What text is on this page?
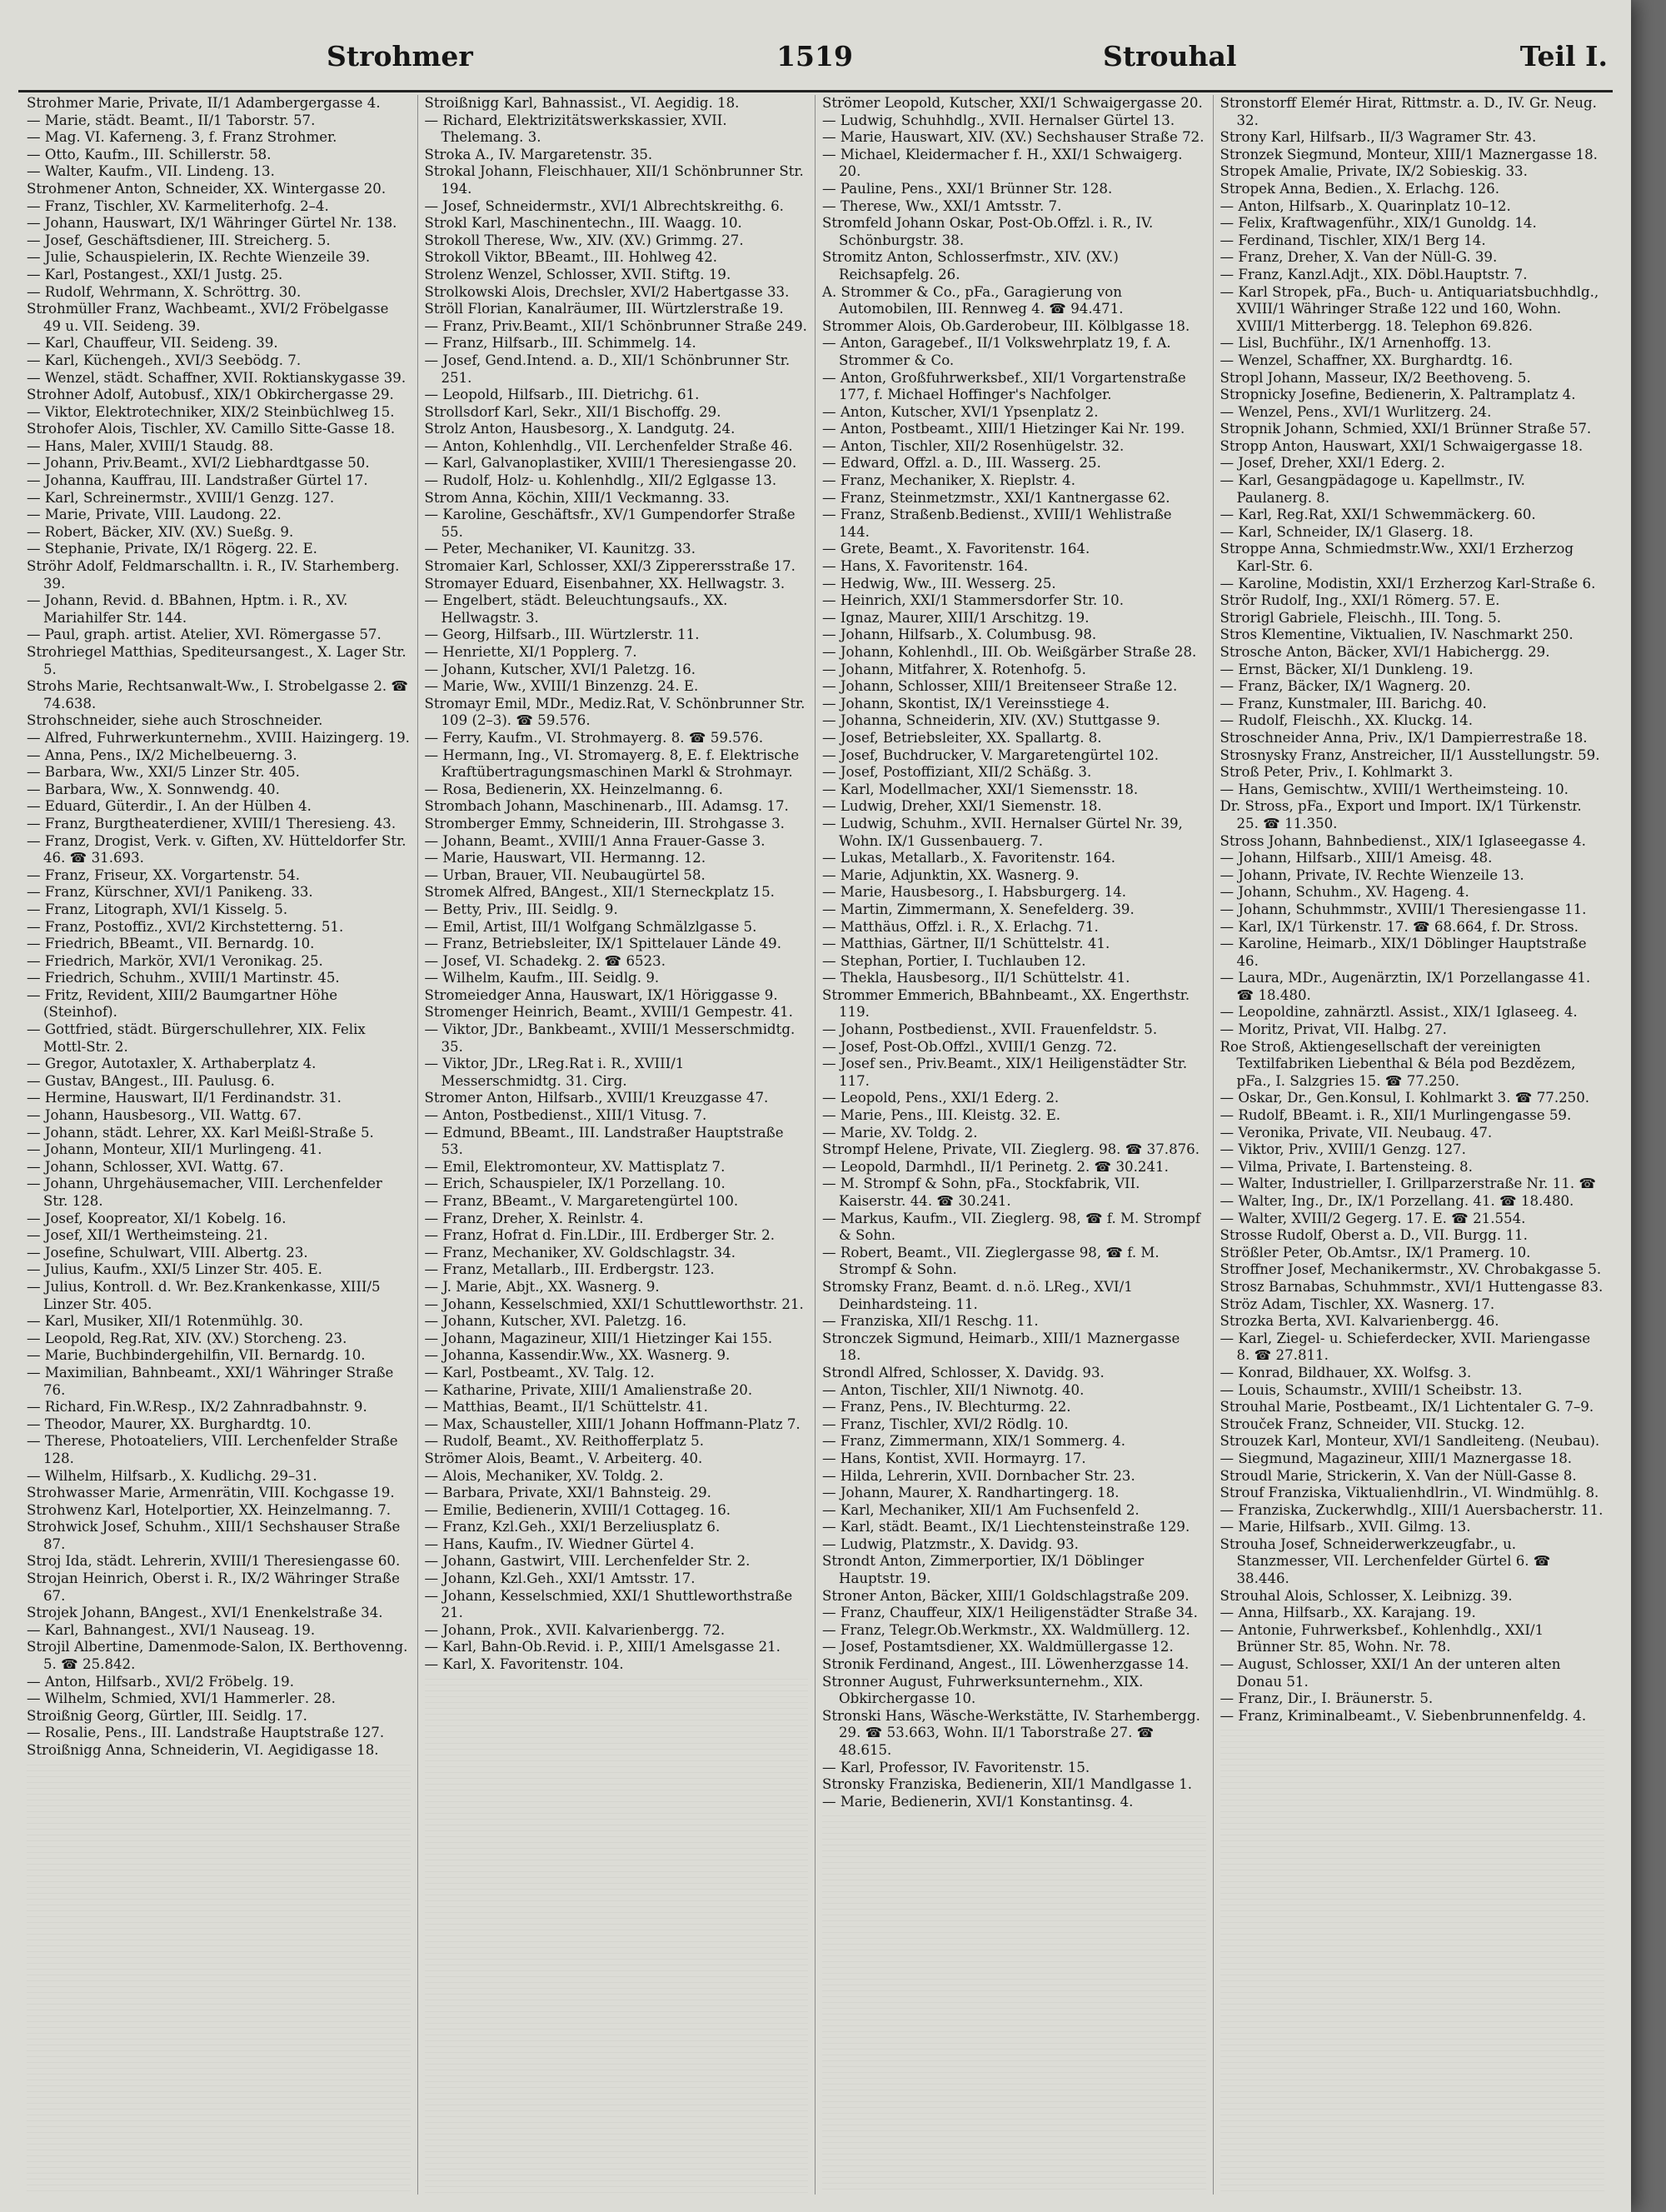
Strohmer	1519	Strouhal	Teil I.

Strohmer Marie, Private, II/1 Adambergergasse 4.

— Marie, städt. Beamt., II/1 Taborstr. 57.

— Mag. VI. Kaferneng. 3, f. Franz Strohmer.

— Otto, Kaufm., III. Schillerstr. 58.

— Walter, Kaufm., VII. Lindeng. 13.

Strohmener Anton, Schneider, XX. Wintergasse 20.

— Franz, Tischler, XV. Karmeliterhofg. 2–4.

— Johann, Hauswart, IX/1 Währinger Gürtel Nr. 138.

— Josef, Geschäftsdiener, III. Streicherg. 5.

— Julie, Schauspielerin, IX. Rechte Wienzeile 39.

— Karl, Postangest., XXI/1 Justg. 25.

— Rudolf, Wehrmann, X. Schröttrg. 30.

Strohmüller Franz, Wachbeamt., XVI/2 Fröbelgasse 49 u. VII. Seideng. 39.

— Karl, Chauffeur, VII. Seideng. 39.

— Karl, Küchengeh., XVI/3 Seebödg. 7.

— Wenzel, städt. Schaffner, XVII. Roktianskygasse 39.

Strohner Adolf, Autobusf., XIX/1 Obkirchergasse 29.

— Viktor, Elektrotechniker, XIX/2 Steinbüchlweg 15.

Strohofer Alois, Tischler, XV. Camillo Sitte-Gasse 18.

— Hans, Maler, XVIII/1 Staudg. 88.

— Johann, Priv.Beamt., XVI/2 Liebhardtgasse 50.

— Johanna, Kauffrau, III. Landstraßer Gürtel 17.

— Karl, Schreinermstr., XVIII/1 Genzg. 127.

— Marie, Private, VIII. Laudong. 22.

— Robert, Bäcker, XIV. (XV.) Sueßg. 9.

— Stephanie, Private, IX/1 Rögerg. 22. E.

Ströhr Adolf, Feldmarschalltn. i. R., IV. Starhemberg. 39.

— Johann, Revid. d. BBahnen, Hptm. i. R., XV. Mariahilfer Str. 144.

— Paul, graph. artist. Atelier, XVI. Römergasse 57.

Strohriegel Matthias, Spediteursangest., X. Lager Str. 5.

Strohs Marie, Rechtsanwalt-Ww., I. Strobelgasse 2. ☎ 74.638.

Strohschneider, siehe auch Stroschneider.

— Alfred, Fuhrwerkunternehm., XVIII. Haizingerg. 19.

— Anna, Pens., IX/2 Michelbeuerng. 3.

— Barbara, Ww., XXI/5 Linzer Str. 405.

— Barbara, Ww., X. Sonnwendg. 40.

— Eduard, Güterdir., I. An der Hülben 4.

— Franz, Burgtheaterdiener, XVIII/1 Theresieng. 43.

— Franz, Drogist, Verk. v. Giften, XV. Hütteldorfer Str. 46. ☎ 31.693.

— Franz, Friseur, XX. Vorgartenstr. 54.

— Franz, Kürschner, XVI/1 Panikeng. 33.

— Franz, Litograph, XVI/1 Kisselg. 5.

— Franz, Postoffiz., XVI/2 Kirchstetterng. 51.

— Friedrich, BBeamt., VII. Bernardg. 10.

— Friedrich, Markör, XVI/1 Veronikag. 25.

— Friedrich, Schuhm., XVIII/1 Martinstr. 45.

— Fritz, Revident, XIII/2 Baumgartner Höhe (Steinhof).

— Gottfried, städt. Bürgerschullehrer, XIX. Felix Mottl-Str. 2.

— Gregor, Autotaxler, X. Arthaberplatz 4.

— Gustav, BAngest., III. Paulusg. 6.

— Hermine, Hauswart, II/1 Ferdinandstr. 31.

— Johann, Hausbesorg., VII. Wattg. 67.

— Johann, städt. Lehrer, XX. Karl Meißl-Straße 5.

— Johann, Monteur, XII/1 Murlingeng. 41.

— Johann, Schlosser, XVI. Wattg. 67.

— Johann, Uhrgehäusemacher, VIII. Lerchenfelder Str. 128.

— Josef, Koopreator, XI/1 Kobelg. 16.

— Josef, XII/1 Wertheimsteing. 21.

— Josefine, Schulwart, VIII. Albertg. 23.

— Julius, Kaufm., XXI/5 Linzer Str. 405. E.

— Julius, Kontroll. d. Wr. Bez.Krankenkasse, XIII/5 Linzer Str. 405.

— Karl, Musiker, XII/1 Rotenmühlg. 30.

— Leopold, Reg.Rat, XIV. (XV.) Storcheng. 23.

— Marie, Buchbindergehilfin, VII. Bernardg. 10.

— Maximilian, Bahnbeamt., XXI/1 Währinger Straße 76.

— Richard, Fin.W.Resp., IX/2 Zahnradbahnstr. 9.

— Theodor, Maurer, XX. Burghardtg. 10.

— Therese, Photoateliers, VIII. Lerchenfelder Straße 128.

— Wilhelm, Hilfsarb., X. Kudlichg. 29–31.

Strohwasser Marie, Armenrätin, VIII. Kochgasse 19.

Strohwenz Karl, Hotelportier, XX. Heinzelmanng. 7.

Strohwick Josef, Schuhm., XIII/1 Sechshauser Straße 87.

Stroj Ida, städt. Lehrerin, XVIII/1 Theresiengasse 60.

Strojan Heinrich, Oberst i. R., IX/2 Währinger Straße 67.

Strojek Johann, BAngest., XVI/1 Enenkelstraße 34.

— Karl, Bahnangest., XVI/1 Nauseag. 19.

Strojil Albertine, Damenmode-Salon, IX. Berthovenng. 5. ☎ 25.842.

— Anton, Hilfsarb., XVI/2 Fröbelg. 19.

— Wilhelm, Schmied, XVI/1 Hammerlег. 28.

Stroißnig Georg, Gürtler, III. Seidlg. 17.

— Rosalie, Pens., III. Landstraße Hauptstraße 127.

Stroißnigg Anna, Schneiderin, VI. Aegidigasse 18.

Stroißnigg Karl, Bahnassist., VI. Aegidig. 18.

— Richard, Elektrizitätswerkskassier, XVII. Thelemang. 3.

Stroka A., IV. Margaretenstr. 35.

Strokal Johann, Fleischhauer, XII/1 Schönbrunner Str. 194.

— Josef, Schneidermstr., XVI/1 Albrechtskreithg. 6.

Strokl Karl, Maschinentechn., III. Waagg. 10.

Strokoll Therese, Ww., XIV. (XV.) Grimmg. 27.

Strokoll Viktor, BBeamt., III. Hohlweg 42.

Strolenz Wenzel, Schlosser, XVII. Stiftg. 19.

Strolkowski Alois, Drechsler, XVI/2 Habertgasse 33.

Ströll Florian, Kanalräumer, III. Würtzlerstraße 19.

— Franz, Priv.Beamt., XII/1 Schönbrunner Straße 249.

— Franz, Hilfsarb., III. Schimmelg. 14.

— Josef, Gend.Intend. a. D., XII/1 Schönbrunner Str. 251.

— Leopold, Hilfsarb., III. Dietrichg. 61.

Strollsdorf Karl, Sekr., XII/1 Bischoffg. 29.

Strolz Anton, Hausbesorg., X. Landgutg. 24.

— Anton, Kohlenhdlg., VII. Lerchenfelder Straße 46.

— Karl, Galvanoplastiker, XVIII/1 Theresiengasse 20.

— Rudolf, Holz- u. Kohlenhdlg., XII/2 Eglgasse 13.

Strom Anna, Köchin, XIII/1 Veckmanng. 33.

— Karoline, Geschäftsfr., XV/1 Gumpendorfer Straße 55.

— Peter, Mechaniker, VI. Kaunitzg. 33.

Stromaier Karl, Schlosser, XXI/3 Zipperersstraße 17.

Stromayer Eduard, Eisenbahner, XX. Hellwagstr. 3.

— Engelbert, städt. Beleuchtungsaufs., XX. Hellwagstr. 3.

— Georg, Hilfsarb., III. Würtzlerstr. 11.

— Henriette, XI/1 Popplerg. 7.

— Johann, Kutscher, XVI/1 Paletzg. 16.

— Marie, Ww., XVIII/1 Binzenzg. 24. E.

Stromayr Emil, MDr., Mediz.Rat, V. Schönbrunner Str. 109 (2–3). ☎ 59.576.

— Ferry, Kaufm., VI. Strohmayerg. 8. ☎ 59.576.

— Hermann, Ing., VI. Stromayerg. 8, E. f. Elektrische Kraftübertragungsmaschinen Markl & Strohmayr.

— Rosa, Bedienerin, XX. Heinzelmanng. 6.

Strombach Johann, Maschinenarb., III. Adamsg. 17.

Stromberger Emmy, Schneiderin, III. Strohgasse 3.

— Johann, Beamt., XVIII/1 Anna Frauer-Gasse 3.

— Marie, Hauswart, VII. Hermanng. 12.

— Urban, Brauer, VII. Neubaugürtel 58.

Stromek Alfred, BAngest., XII/1 Sterneckplatz 15.

— Betty, Priv., III. Seidlg. 9.

— Emil, Artist, III/1 Wolfgang Schmälzlgasse 5.

— Franz, Betriebsleiter, IX/1 Spittelauer Lände 49.

— Josef, VI. Schadekg. 2. ☎ 6523.

— Wilhelm, Kaufm., III. Seidlg. 9.

Stromeiedger Anna, Hauswart, IX/1 Höriggasse 9.

Stromenger Heinrich, Beamt., XVIII/1 Gempestr. 41.

— Viktor, JDr., Bankbeamt., XVIII/1 Messerschmidtg. 35.

— Viktor, JDr., LReg.Rat i. R., XVIII/1 Messerschmidtg. 31. Cirg.

Stromer Anton, Hilfsarb., XVIII/1 Kreuzgasse 47.

— Anton, Postbedienst., XIII/1 Vitusg. 7.

— Edmund, BBeamt., III. Landstraßer Hauptstraße 53.

— Emil, Elektromonteur, XV. Mattisplatz 7.

— Erich, Schauspieler, IX/1 Porzellang. 10.

— Franz, BBeamt., V. Margaretengürtel 100.

— Franz, Dreher, X. Reinlstr. 4.

— Franz, Hofrat d. Fin.LDir., III. Erdberger Str. 2.

— Franz, Mechaniker, XV. Goldschlagstr. 34.

— Franz, Metallarb., III. Erdbergstr. 123.

— J. Marie, Abjt., XX. Wasnerg. 9.

— Johann, Kesselschmied, XXI/1 Schuttleworthstr. 21.

— Johann, Kutscher, XVI. Paletzg. 16.

— Johann, Magazineur, XIII/1 Hietzinger Kai 155.

— Johanna, Kassendir.Ww., XX. Wasnerg. 9.

— Karl, Postbeamt., XV. Talg. 12.

— Katharine, Private, XIII/1 Amalienstraße 20.

— Matthias, Beamt., II/1 Schüttelstr. 41.

— Max, Schausteller, XIII/1 Johann Hoffmann-Platz 7.

— Rudolf, Beamt., XV. Reithofferplatz 5.

Strömer Alois, Beamt., V. Arbeiterg. 40.

— Alois, Mechaniker, XV. Toldg. 2.

— Barbara, Private, XXI/1 Bahnsteig. 29.

— Emilie, Bedienerin, XVIII/1 Cottageg. 16.

— Franz, Kzl.Geh., XXI/1 Berzeliusplatz 6.

— Hans, Kaufm., IV. Wiedner Gürtel 4.

— Johann, Gastwirt, VIII. Lerchenfelder Str. 2.

— Johann, Kzl.Geh., XXI/1 Amtsstr. 17.

— Johann, Kesselschmied, XXI/1 Shuttleworthstraße 21.

— Johann, Prok., XVII. Kalvarienbergg. 72.

— Karl, Bahn-Ob.Revid. i. P., XIII/1 Amelsgasse 21.

— Karl, X. Favoritenstr. 104.

Strömer Leopold, Kutscher, XXI/1 Schwaigergasse 20.

— Ludwig, Schuhhdlg., XVII. Hernalser Gürtel 13.

— Marie, Hauswart, XIV. (XV.) Sechshauser Straße 72.

— Michael, Kleidermacher f. H., XXI/1 Schwaigerg. 20.

— Pauline, Pens., XXI/1 Brünner Str. 128.

— Therese, Ww., XXI/1 Amtsstr. 7.

Stromfeld Johann Oskar, Post-Ob.Offzl. i. R., IV. Schönburgstr. 38.

Stromitz Anton, Schlosserfmstr., XIV. (XV.) Reichsapfelg. 26.

A. Strommer & Co., pFa., Garagierung von Automobilen, III. Rennweg 4. ☎ 94.471.

Strommer Alois, Ob.Garderobeur, III. Kölblgasse 18.

— Anton, Garagebef., II/1 Volkswehrplatz 19, f. A. Strommer & Co.

— Anton, Großfuhrwerksbef., XII/1 Vorgartenstraße 177, f. Michael Hoffinger's Nachfolger.

— Anton, Kutscher, XVI/1 Ypsenplatz 2.

— Anton, Postbeamt., XIII/1 Hietzinger Kai Nr. 199.

— Anton, Tischler, XII/2 Rosenhügelstr. 32.

— Edward, Offzl. a. D., III. Wasserg. 25.

— Franz, Mechaniker, X. Rieplstr. 4.

— Franz, Steinmetzmstr., XXI/1 Kantnergasse 62.

— Franz, Straßenb.Bedienst., XVIII/1 Wehlistraße 144.

— Grete, Beamt., X. Favoritenstr. 164.

— Hans, X. Favoritenstr. 164.

— Hedwig, Ww., III. Wesserg. 25.

— Heinrich, XXI/1 Stammersdorfer Str. 10.

— Ignaz, Maurer, XIII/1 Arschitzg. 19.

— Johann, Hilfsarb., X. Columbusg. 98.

— Johann, Kohlenhdl., III. Ob. Weißgärber Straße 28.

— Johann, Mitfahrer, X. Rotenhofg. 5.

— Johann, Schlosser, XIII/1 Breitenseer Straße 12.

— Johann, Skontist, IX/1 Vereinsstiege 4.

— Johanna, Schneiderin, XIV. (XV.) Stuttgasse 9.

— Josef, Betriebsleiter, XX. Spallartg. 8.

— Josef, Buchdrucker, V. Margaretengürtel 102.

— Josef, Postoffiziant, XII/2 Schäßg. 3.

— Karl, Modellmacher, XXI/1 Siemensstr. 18.

— Ludwig, Dreher, XXI/1 Siemenstr. 18.

— Ludwig, Schuhm., XVII. Hernalser Gürtel Nr. 39, Wohn. IX/1 Gussenbauerg. 7.

— Lukas, Metallarb., X. Favoritenstr. 164.

— Marie, Adjunktin, XX. Wasnerg. 9.

— Marie, Hausbesorg., I. Habsburgerg. 14.

— Martin, Zimmermann, X. Senefelderg. 39.

— Matthäus, Offzl. i. R., X. Erlachg. 71.

— Matthias, Gärtner, II/1 Schüttelstr. 41.

— Stephan, Portier, I. Tuchlauben 12.

— Thekla, Hausbesorg., II/1 Schüttelstr. 41.

Strommer Emmerich, BBahnbeamt., XX. Engerthstr. 119.

— Johann, Postbedienst., XVII. Frauenfeldstr. 5.

— Josef, Post-Ob.Offzl., XVIII/1 Genzg. 72.

— Josef sen., Priv.Beamt., XIX/1 Heiligenstädter Str. 117.

— Leopold, Pens., XXI/1 Ederg. 2.

— Marie, Pens., III. Kleistg. 32. E.

— Marie, XV. Toldg. 2.

Strompf Helene, Private, VII. Zieglerg. 98. ☎ 37.876.

— Leopold, Darmhdl., II/1 Perinetg. 2. ☎ 30.241.

— M. Strompf & Sohn, pFa., Stockfabrik, VII. Kaiserstr. 44. ☎ 30.241.

— Markus, Kaufm., VII. Zieglerg. 98, ☎ f. M. Strompf & Sohn.

— Robert, Beamt., VII. Zieglergasse 98, ☎ f. M. Strompf & Sohn.

Stromsky Franz, Beamt. d. n.ö. LReg., XVI/1 Deinhardsteing. 11.

— Franziska, XII/1 Reschg. 11.

Stronczek Sigmund, Heimarb., XIII/1 Maznergasse 18.

Strondl Alfred, Schlosser, X. Davidg. 93.

— Anton, Tischler, XII/1 Niwnotg. 40.

— Franz, Pens., IV. Blechturmg. 22.

— Franz, Tischler, XVI/2 Rödlg. 10.

— Franz, Zimmermann, XIX/1 Sommerg. 4.

— Hans, Kontist, XVII. Hormayrg. 17.

— Hilda, Lehrerin, XVII. Dornbacher Str. 23.

— Johann, Maurer, X. Randhartingerg. 18.

— Karl, Mechaniker, XII/1 Am Fuchsenfeld 2.

— Karl, städt. Beamt., IX/1 Liechtensteinstraße 129.

— Ludwig, Platzmstr., X. Davidg. 93.

Strondt Anton, Zimmerportier, IX/1 Döblinger Hauptstr. 19.

Stroner Anton, Bäcker, XIII/1 Goldschlagstraße 209.

— Franz, Chauffeur, XIX/1 Heiligenstädter Straße 34.

— Franz, Telegr.Ob.Werkmstr., XX. Waldmüllerg. 12.

— Josef, Postamtsdiener, XX. Waldmüllergasse 12.

Stronik Ferdinand, Angest., III. Löwenherzgasse 14.

Stronner August, Fuhrwerksunternehm., XIX. Obkirchergasse 10.

Stronski Hans, Wäsche-Werkstätte, IV. Starhembergg. 29. ☎ 53.663, Wohn. II/1 Taborstraße 27. ☎ 48.615.

— Karl, Professor, IV. Favoritenstr. 15.

Stronsky Franziska, Bedienerin, XII/1 Mandlgasse 1.

— Marie, Bedienerin, XVI/1 Konstantinsg. 4.

Stronstorff Elemér Hirat, Rittmstr. a. D., IV. Gr. Neug. 32.

Strony Karl, Hilfsarb., II/3 Wagramer Str. 43.

Stronzek Siegmund, Monteur, XIII/1 Maznergasse 18.

Stropek Amalie, Private, IX/2 Sobieskig. 33.

Stropek Anna, Bedien., X. Erlachg. 126.

— Anton, Hilfsarb., X. Quarinplatz 10–12.

— Felix, Kraftwagenführ., XIX/1 Gunoldg. 14.

— Ferdinand, Tischler, XIX/1 Berg 14.

— Franz, Dreher, X. Van der Nüll-G. 39.

— Franz, Kanzl.Adjt., XIX. Döbl.Hauptstr. 7.

— Karl Stropek, pFa., Buch- u. Antiquariatsbuchhdlg., XVIII/1 Währinger Straße 122 und 160, Wohn. XVIII/1 Mitterbergg. 18. Telephon 69.826.

— Lisl, Buchführ., IX/1 Arnenhoffg. 13.

— Wenzel, Schaffner, XX. Burghardtg. 16.

Stropl Johann, Masseur, IX/2 Beethoveng. 5.

Stropnicky Josefine, Bedienerin, X. Paltramplatz 4.

— Wenzel, Pens., XVI/1 Wurlitzerg. 24.

Stropnik Johann, Schmied, XXI/1 Brünner Straße 57.

Stropp Anton, Hauswart, XXI/1 Schwaigergasse 18.

— Josef, Dreher, XXI/1 Ederg. 2.

— Karl, Gesangpädagoge u. Kapellmstr., IV. Paulanerg. 8.

— Karl, Reg.Rat, XXI/1 Schwemmäckerg. 60.

— Karl, Schneider, IX/1 Glaserg. 18.

Stroppe Anna, Schmiedmstr.Ww., XXI/1 Erzherzog Karl-Str. 6.

— Karoline, Modistin, XXI/1 Erzherzog Karl-Straße 6.

Strör Rudolf, Ing., XXI/1 Römerg. 57. E.

Strorigl Gabriele, Fleischh., III. Tong. 5.

Stros Klementine, Viktualien, IV. Naschmarkt 250.

Strosche Anton, Bäcker, XVI/1 Habichergg. 29.

— Ernst, Bäcker, XI/1 Dunkleng. 19.

— Franz, Bäcker, IX/1 Wagnerg. 20.

— Franz, Kunstmaler, III. Barichg. 40.

— Rudolf, Fleischh., XX. Kluckg. 14.

Stroschneider Anna, Priv., IX/1 Dampierrestraße 18.

Strosnysky Franz, Anstreicher, II/1 Ausstellungstr. 59.

Stroß Peter, Priv., I. Kohlmarkt 3.

— Hans, Gemischtw., XVIII/1 Wertheimsteing. 10.

Dr. Stross, pFa., Export und Import. IX/1 Türkenstr. 25. ☎ 11.350.

Stross Johann, Bahnbedienst., XIX/1 Iglaseegasse 4.

— Johann, Hilfsarb., XIII/1 Ameisg. 48.

— Johann, Private, IV. Rechte Wienzeile 13.

— Johann, Schuhm., XV. Hageng. 4.

— Johann, Schuhmmstr., XVIII/1 Theresiengasse 11.

— Karl, IX/1 Türkenstr. 17. ☎ 68.664, f. Dr. Stross.

— Karoline, Heimarb., XIX/1 Döblinger Hauptstraße 46.

— Laura, MDr., Augenärztin, IX/1 Porzellangasse 41. ☎ 18.480.

— Leopoldine, zahnärztl. Assist., XIX/1 Iglaseeg. 4.

— Moritz, Privat, VII. Halbg. 27.

Roe Stroß, Aktiengesellschaft der vereinigten Textilfabriken Liebenthal & Béla pod Bezdězem, pFa., I. Salzgries 15. ☎ 77.250.

— Oskar, Dr., Gen.Konsul, I. Kohlmarkt 3. ☎ 77.250.

— Rudolf, BBeamt. i. R., XII/1 Murlingengasse 59.

— Veronika, Private, VII. Neubaug. 47.

— Viktor, Priv., XVIII/1 Genzg. 127.

— Vilma, Private, I. Bartensteing. 8.

— Walter, Industrieller, I. Grillparzerstraße Nr. 11. ☎

— Walter, Ing., Dr., IX/1 Porzellang. 41. ☎ 18.480.

— Walter, XVIII/2 Gegerg. 17. E. ☎ 21.554.

Strosse Rudolf, Oberst a. D., VII. Burgg. 11.

Strößler Peter, Ob.Amtsr., IX/1 Pramerg. 10.

Stroffner Josef, Mechanikermstr., XV. Chrobakgasse 5.

Strosz Barnabas, Schuhmmstr., XVI/1 Huttengasse 83.

Ströz Adam, Tischler, XX. Wasnerg. 17.

Strozka Berta, XVI. Kalvarienbergg. 46.

— Karl, Ziegel- u. Schieferdecker, XVII. Mariengasse 8. ☎ 27.811.

— Konrad, Bildhauer, XX. Wolfsg. 3.

— Louis, Schaumstr., XVIII/1 Scheibstr. 13.

Strouhal Marie, Postbeamt., IX/1 Lichtentaler G. 7–9.

Strouček Franz, Schneider, VII. Stuckg. 12.

Strouzek Karl, Monteur, XVI/1 Sandleiteng. (Neubau).

— Siegmund, Magazineur, XIII/1 Maznergasse 18.

Stroudl Marie, Strickerin, X. Van der Nüll-Gasse 8.

Strouf Franziska, Viktualienhdlrin., VI. Windmühlg. 8.

— Franziska, Zuckerwhdlg., XIII/1 Auersbacherstr. 11.

— Marie, Hilfsarb., XVII. Gilmg. 13.

Strouha Josef, Schneiderwerkzeugfabr., u. Stanzmesser, VII. Lerchenfelder Gürtel 6. ☎ 38.446.

Strouhal Alois, Schlosser, X. Leibnizg. 39.

— Anna, Hilfsarb., XX. Karajang. 19.

— Antonie, Fuhrwerksbef., Kohlenhdlg., XXI/1 Brünner Str. 85, Wohn. Nr. 78.

— August, Schlosser, XXI/1 An der unteren alten Donau 51.

— Franz, Dir., I. Bräunerstr. 5.

— Franz, Kriminalbeamt., V. Siebenbrunnenfeldg. 4.
